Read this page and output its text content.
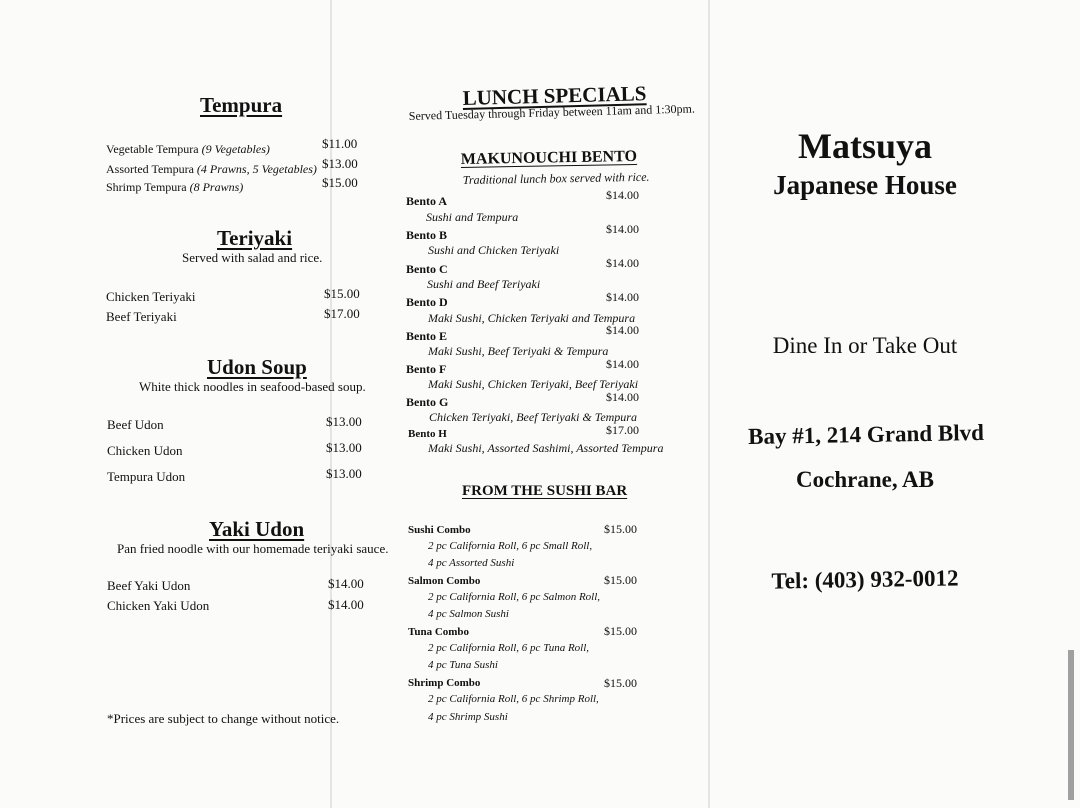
Tempura
Vegetable Tempura (9 Vegetables)	$11.00
Assorted Tempura (4 Prawns, 5 Vegetables) $13.00
Shrimp Tempura (8 Prawns)	$15.00
Teriyaki
Served with salad and rice.
Chicken Teriyaki	$15.00
Beef Teriyaki	$17.00
Udon Soup
White thick noodles in seafood-based soup.
Beef Udon	$13.00
Chicken Udon	$13.00
Tempura Udon	$13.00
Yaki Udon
Pan fried noodle with our homemade teriyaki sauce.
Beef Yaki Udon	$14.00
Chicken Yaki Udon	$14.00
*Prices are subject to change without notice.
LUNCH SPECIALS
Served Tuesday through Friday between 11am and 1:30pm.
MAKUNOUCHI BENTO
Traditional lunch box served with rice.
Bento A	$14.00
Sushi and Tempura
Bento B	$14.00
Sushi and Chicken Teriyaki
Bento C	$14.00
Sushi and Beef Teriyaki
Bento D	$14.00
Maki Sushi, Chicken Teriyaki and Tempura
Bento E	$14.00
Maki Sushi, Beef Teriyaki & Tempura
Bento F	$14.00
Maki Sushi, Chicken Teriyaki, Beef Teriyaki
Bento G	$14.00
Chicken Teriyaki, Beef Teriyaki & Tempura
Bento H	$17.00
Maki Sushi, Assorted Sashimi, Assorted Tempura
FROM THE SUSHI BAR
Sushi Combo	$15.00
2 pc California Roll, 6 pc Small Roll,
4 pc Assorted Sushi
Salmon Combo	$15.00
2 pc California Roll, 6 pc Salmon Roll,
4 pc Salmon Sushi
Tuna Combo	$15.00
2 pc California Roll, 6 pc Tuna Roll,
4 pc Tuna Sushi
Shrimp Combo	$15.00
2 pc California Roll, 6 pc Shrimp Roll,
4 pc Shrimp Sushi
Matsuya
Japanese House
Dine In or Take Out
Bay #1, 214 Grand Blvd
Cochrane, AB
Tel: (403) 932-0012
